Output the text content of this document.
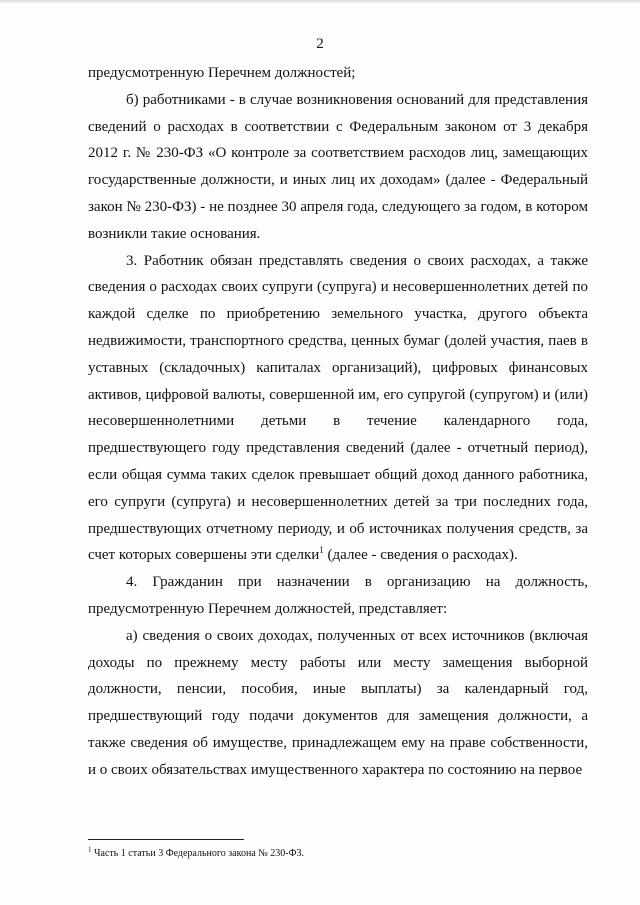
2

предусмотренную Перечнем должностей;

б) работниками - в случае возникновения оснований для представления сведений о расходах в соответствии с Федеральным законом от 3 декабря 2012 г. № 230-ФЗ «О контроле за соответствием расходов лиц, замещающих государственные должности, и иных лиц их доходам» (далее - Федеральный закон № 230-ФЗ) - не позднее 30 апреля года, следующего за годом, в котором возникли такие основания.

3. Работник обязан представлять сведения о своих расходах, а также сведения о расходах своих супруги (супруга) и несовершеннолетних детей по каждой сделке по приобретению земельного участка, другого объекта недвижимости, транспортного средства, ценных бумаг (долей участия, паев в уставных (складочных) капиталах организаций), цифровых финансовых активов, цифровой валюты, совершенной им, его супругой (супругом) и (или) несовершеннолетними детьми в течение календарного года, предшествующего году представления сведений (далее - отчетный период), если общая сумма таких сделок превышает общий доход данного работника, его супруги (супруга) и несовершеннолетних детей за три последних года, предшествующих отчетному периоду, и об источниках получения средств, за счет которых совершены эти сделки$^1$ (далее - сведения о расходах).

4. Гражданин при назначении в организацию на должность, предусмотренную Перечнем должностей, представляет:

а) сведения о своих доходах, полученных от всех источников (включая доходы по прежнему месту работы или месту замещения выборной должности, пенсии, пособия, иные выплаты) за календарный год, предшествующий году подачи документов для замещения должности, а также сведения об имуществе, принадлежащем ему на праве собственности, и о своих обязательствах имущественного характера по состоянию на первое

$^1$ Часть 1 статьи 3 Федерального закона № 230-ФЗ.
